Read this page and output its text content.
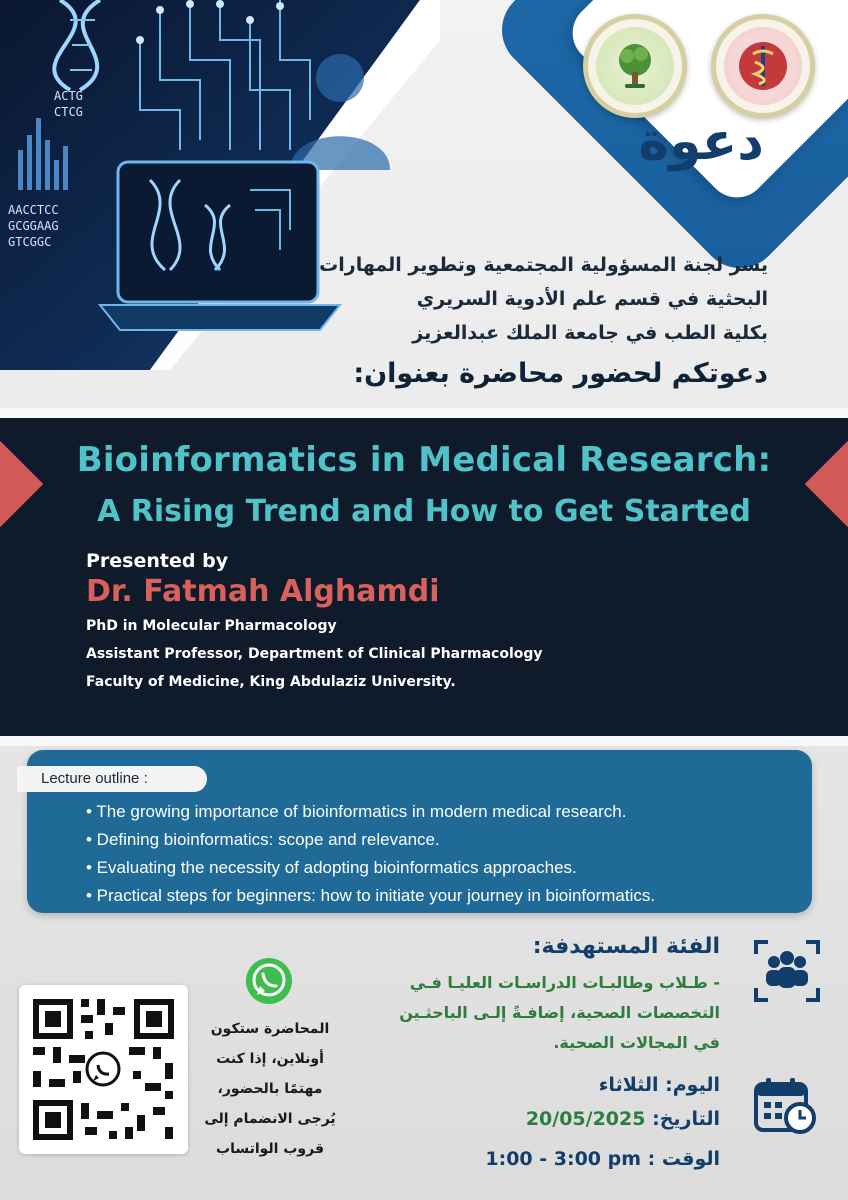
ACTG
CTCG
AACCTCC
GCGGAAG
GTCGGC
دعوة
يسر لجنة المسؤولية المجتمعية وتطوير المهارات
البحثية في قسم علم الأدوية السريري
بكلية الطب في جامعة الملك عبدالعزيز
دعوتكم لحضور محاضرة بعنوان:
Bioinformatics in Medical Research:
A Rising Trend and How to Get Started
Presented by
Dr. Fatmah Alghamdi
PhD in Molecular Pharmacology
Assistant Professor, Department of Clinical Pharmacology
Faculty of Medicine, King Abdulaziz University.
Lecture outline :
• The growing importance of bioinformatics in modern medical research.
• Defining bioinformatics: scope and relevance.
• Evaluating the necessity of adopting bioinformatics approaches.
• Practical steps for beginners: how to initiate your journey in bioinformatics.
المحاضرة ستكون
أونلاين، إذا كنت
مهتمًا بالحضور،
يُرجى الانضمام إلى
قروب الواتساب
الفئة المستهدفة:
- طـلاب وطالبـات الدراسـات العليـا فـي
التخصصات الصحية، إضافـةً إلـى الباحثـين
في المجالات الصحية.
اليوم: الثلاثاء
التاريخ: 20/05/2025
الوقت : 1:00 - 3:00 pm
